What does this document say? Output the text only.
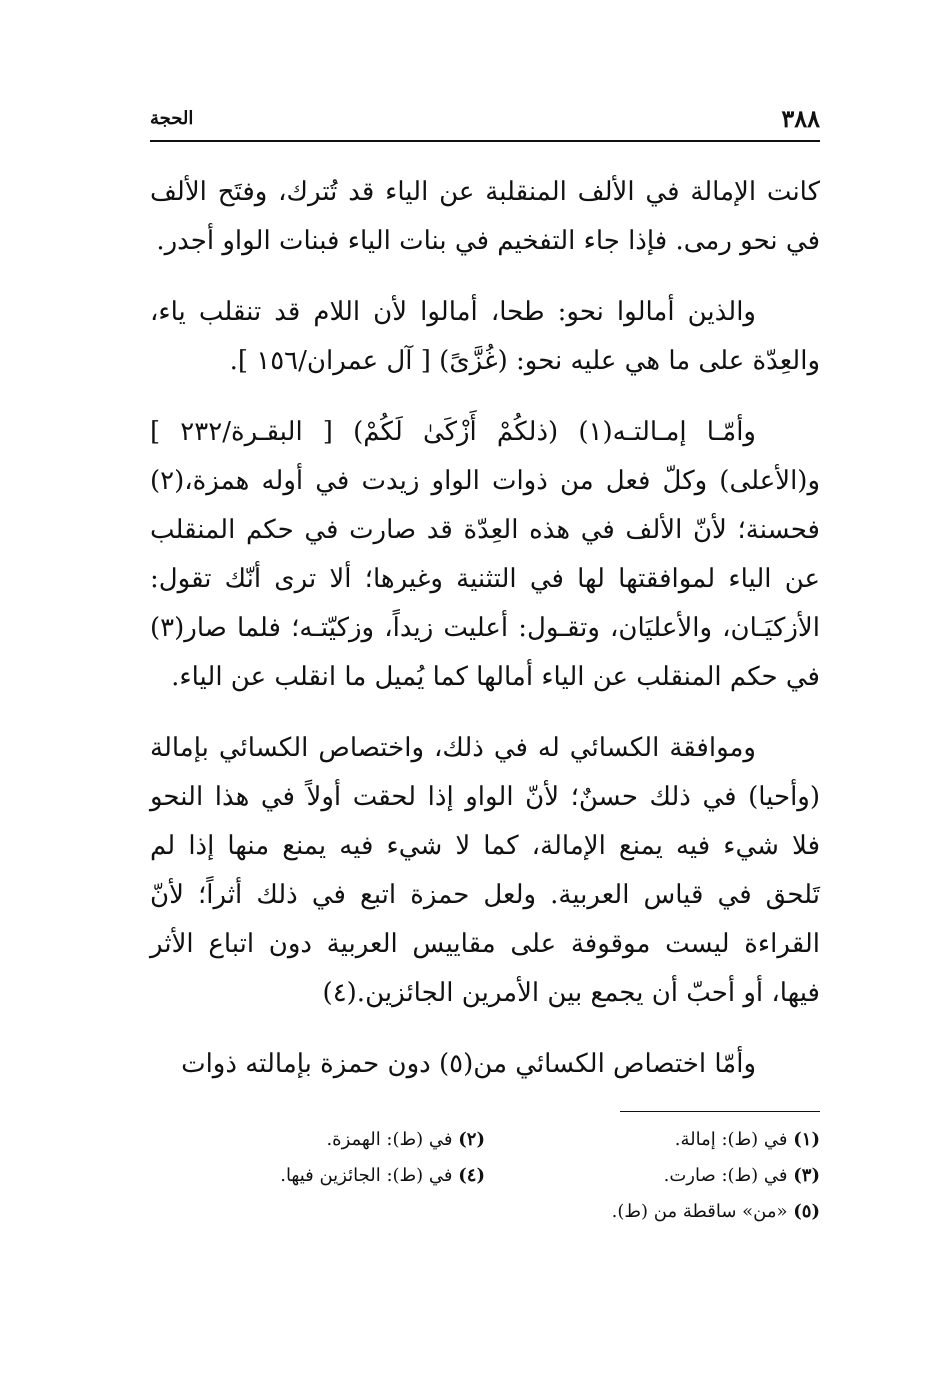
٣٨٨
الحجة

كانت الإمالة في الألف المنقلبة عن الياء قد تُترك، وفتَح الألف في نحو رمى. فإذا جاء التفخيم في بنات الياء فبنات الواو أجدر.

والذين أمالوا نحو: طحا، أمالوا لأن اللام قد تنقلب ياء، والعِدّة على ما هي عليه نحو: (غُزَّىً) [ آل عمران/١٥٦ ].

وأمّـا إمـالتـه(١) (ذلكُمْ أَزْكَىٰ لَكُمْ) [ البقـرة/٢٣٢ ] و(الأعلى) وكلّ فعل من ذوات الواو زيدت في أوله همزة،(٢) فحسنة؛ لأنّ الألف في هذه العِدّة قد صارت في حكم المنقلب عن الياء لموافقتها لها في التثنية وغيرها؛ ألا ترى أنّك تقول: الأزكيَـان، والأعليَان، وتقـول: أعليت زيداً، وزكيّتـه؛ فلما صار(٣) في حكم المنقلب عن الياء أمالها كما يُميل ما انقلب عن الياء.

وموافقة الكسائي له في ذلك، واختصاص الكسائي بإمالة (وأحيا) في ذلك حسنٌ؛ لأنّ الواو إذا لحقت أولاً في هذا النحو فلا شيء فيه يمنع الإمالة، كما لا شيء فيه يمنع منها إذا لم تَلحق في قياس العربية. ولعل حمزة اتبع في ذلك أثراً؛ لأنّ القراءة ليست موقوفة على مقاييس العربية دون اتباع الأثر فيها، أو أحبّ أن يجمع بين الأمرين الجائزين.(٤)

وأمّا اختصاص الكسائي من(٥) دون حمزة بإمالته ذوات

(١) في (ط): إمالة.
(٢) في (ط): الهمزة.
(٣) في (ط): صارت.
(٤) في (ط): الجائزين فيها.
(٥) «من» ساقطة من (ط).
